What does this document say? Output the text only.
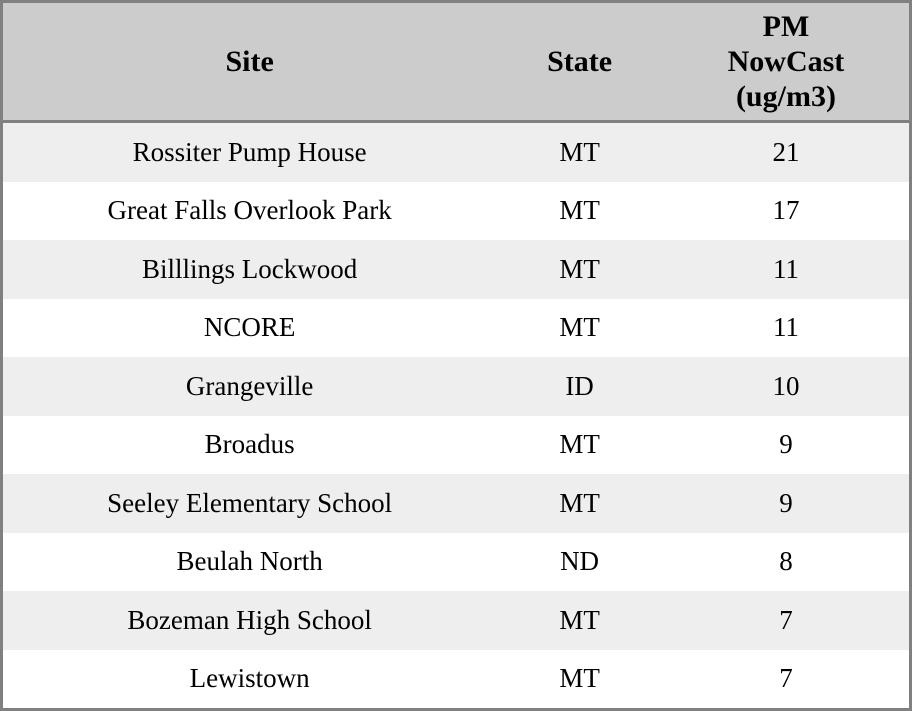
Site	State	PM
NowCast
(ug/m3)

Rossiter Pump House	MT	21
Great Falls Overlook Park	MT	17
Billlings Lockwood	MT	11
NCORE	MT	11
Grangeville	ID	10
Broadus	MT	9
Seeley Elementary School	MT	9
Beulah North	ND	8
Bozeman High School	MT	7
Lewistown	MT	7
